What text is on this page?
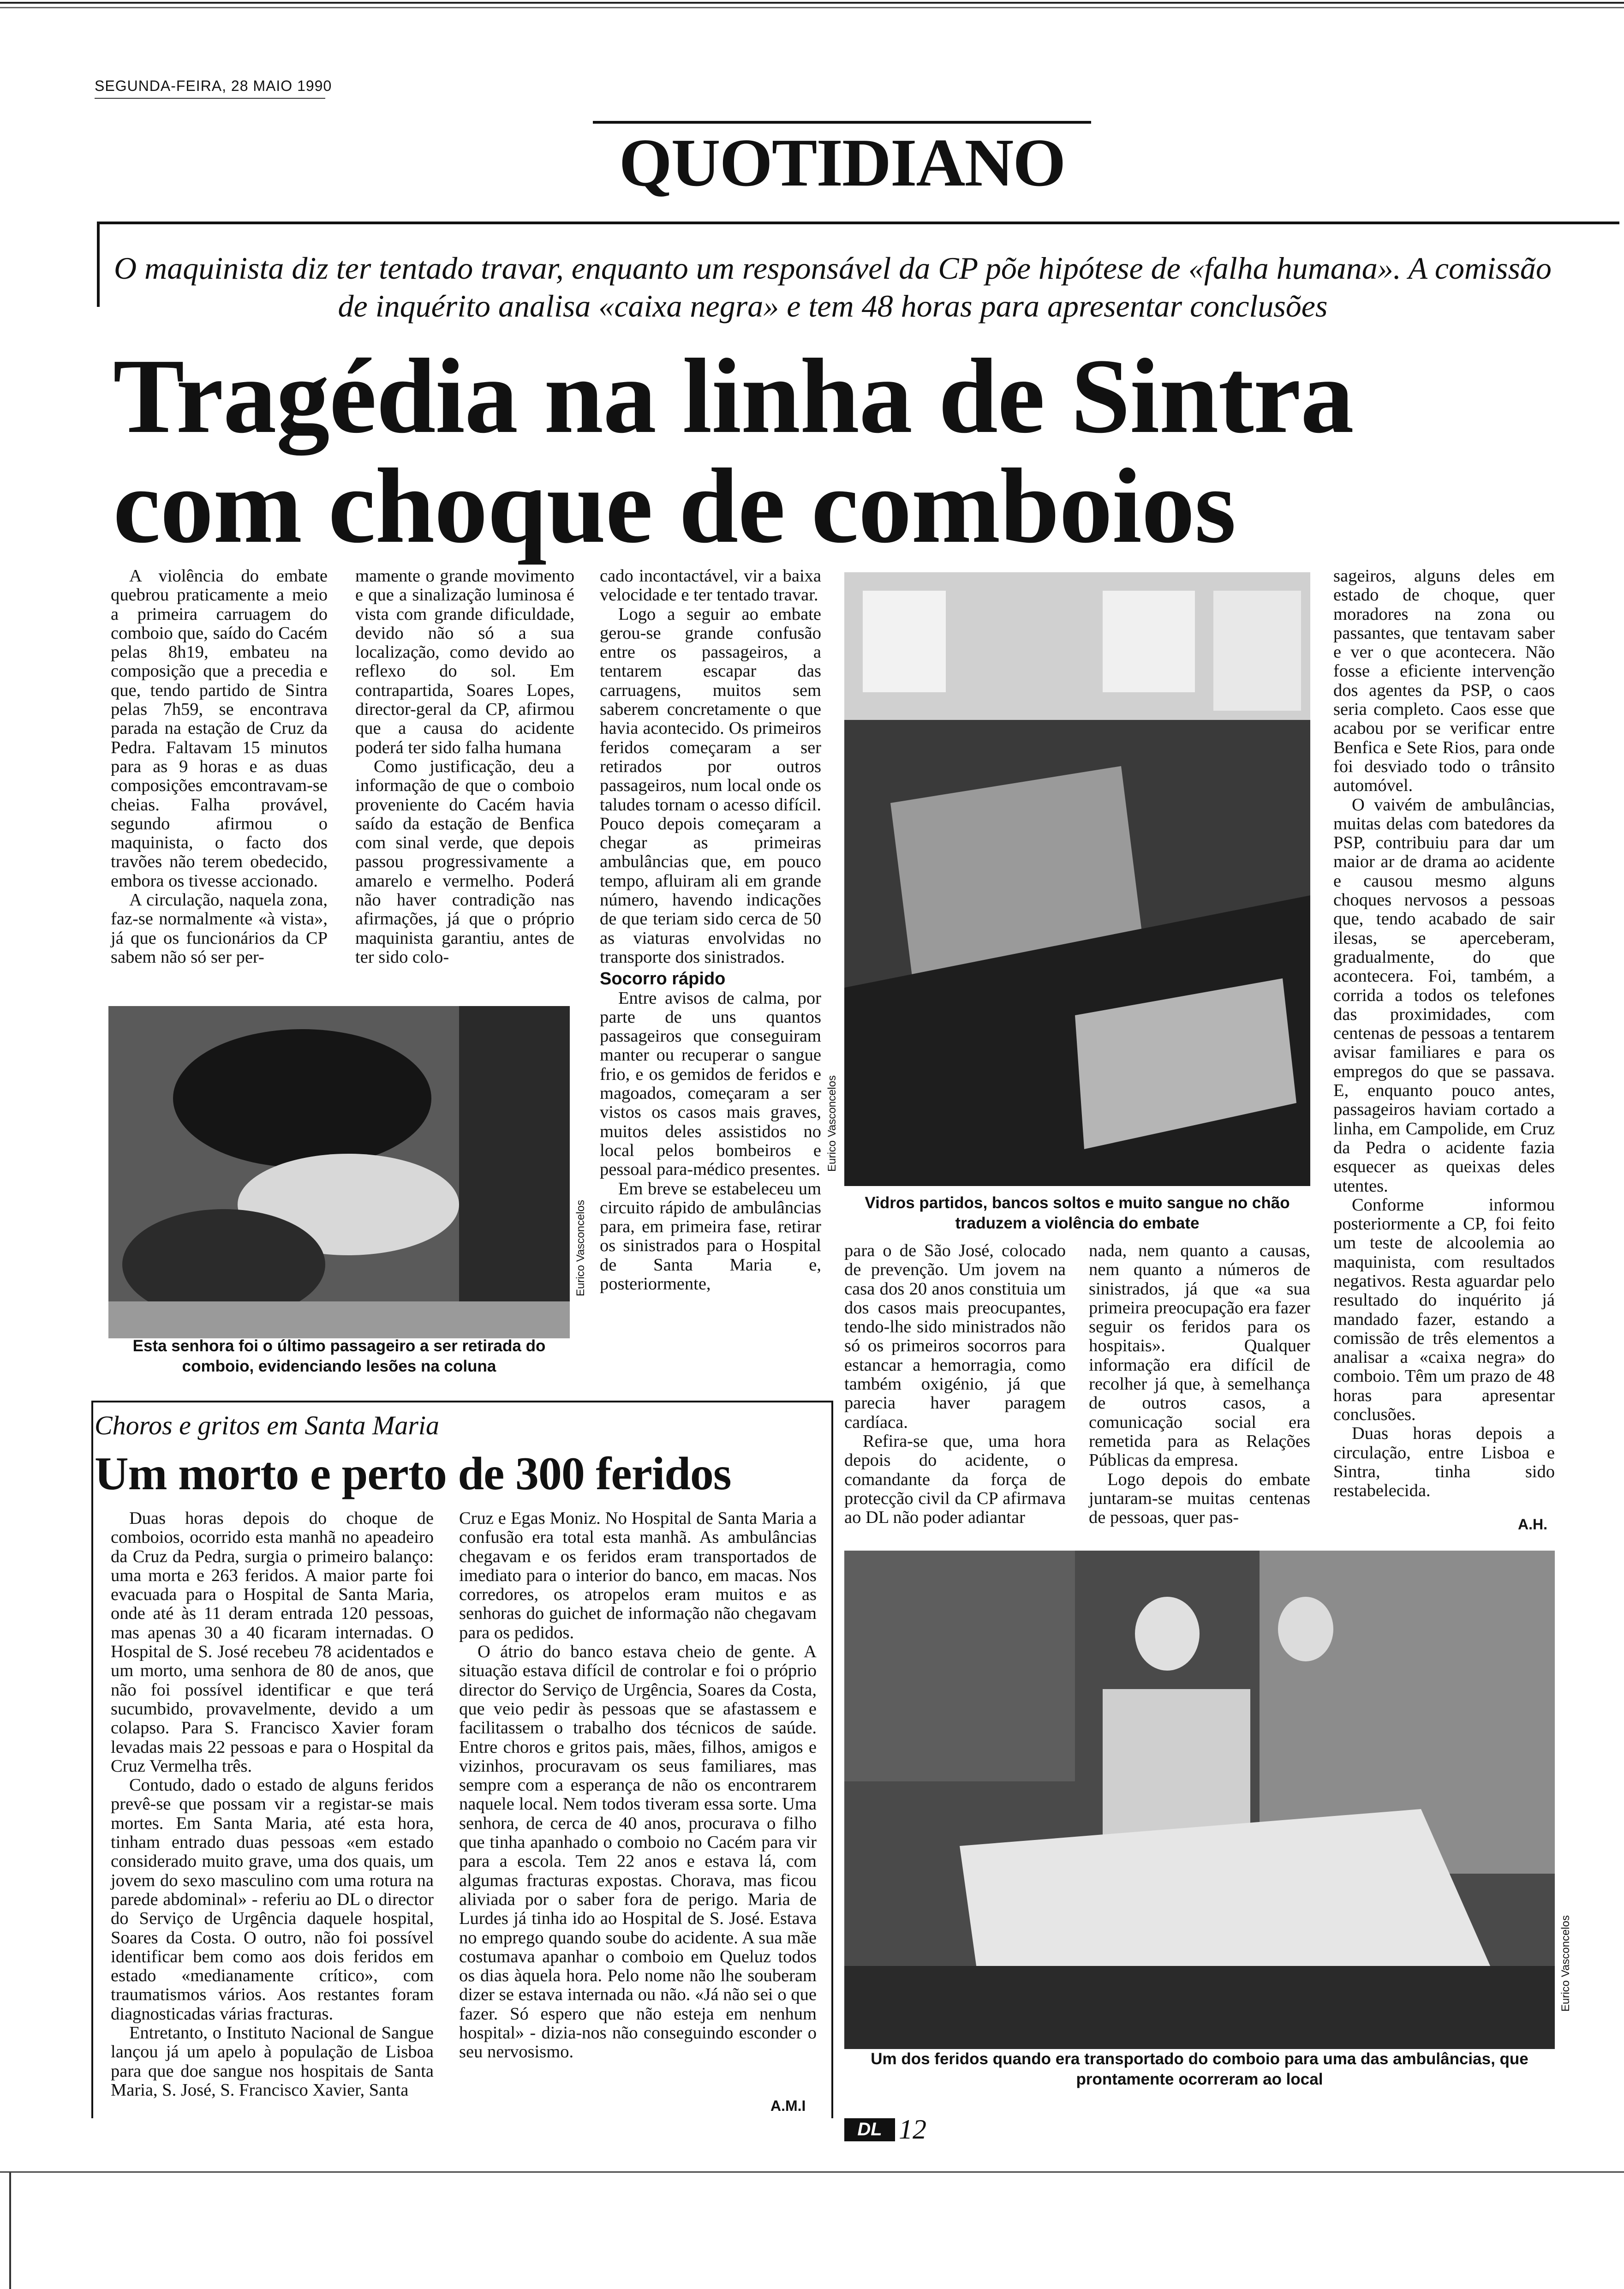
SEGUNDA-FEIRA, 28 MAIO 1990
QUOTIDIANO
O maquinista diz ter tentado travar, enquanto um responsável da CP põe hipótese de «falha humana». A comissão de inquérito analisa «caixa negra» e tem 48 horas para apresentar conclusões
Tragédia na linha de Sintra
com choque de comboios

A violência do embate quebrou praticamente a meio a primeira carruagem do comboio que, saído do Cacém pelas 8h19, embateu na composição que a precedia e que, tendo partido de Sintra pelas 7h59, se encontrava parada na estação de Cruz da Pedra. Faltavam 15 minutos para as 9 horas e as duas composições emcontravam-se cheias. Falha provável, segundo afirmou o maquinista, o facto dos travões não terem obedecido, embora os tivesse accionado.

A circulação, naquela zona, faz-se normalmente «à vista», já que os funcionários da CP sabem não só ser per-

mamente o grande movimento e que a sinalização luminosa é vista com grande dificuldade, devido não só a sua localização, como devido ao reflexo do sol. Em contrapartida, Soares Lopes, director-geral da CP, afirmou que a causa do acidente poderá ter sido falha humana

Como justificação, deu a informação de que o comboio proveniente do Cacém havia saído da estação de Benfica com sinal verde, que depois passou progressivamente a amarelo e vermelho. Poderá não haver contradição nas afirmações, já que o próprio maquinista garantiu, antes de ter sido colo-

cado incontactável, vir a baixa velocidade e ter tentado travar.

Logo a seguir ao embate gerou-se grande confusão entre os passageiros, a tentarem escapar das carruagens, muitos sem saberem concretamente o que havia acontecido. Os primeiros feridos começaram a ser retirados por outros passageiros, num local onde os taludes tornam o acesso difícil. Pouco depois começaram a chegar as primeiras ambulâncias que, em pouco tempo, afluiram ali em grande número, havendo indicações de que teriam sido cerca de 50 as viaturas envolvidas no transporte dos sinistrados.

Socorro rápido

Entre avisos de calma, por parte de uns quantos passageiros que conseguiram manter ou recuperar o sangue frio, e os gemidos de feridos e magoados, começaram a ser vistos os casos mais graves, muitos deles assistidos no local pelos bombeiros e pessoal para-médico presentes.

Em breve se estabeleceu um circuito rápido de ambulâncias para, em primeira fase, retirar os sinistrados para o Hospital de Santa Maria e, posteriormente,

Eurico Vasconcelos
Esta senhora foi o último passageiro a ser retirada do comboio, evidenciando lesões na coluna
Eurico Vasconcelos
Vidros partidos, bancos soltos e muito sangue no chão traduzem a violência do embate

para o de São José, colocado de prevenção. Um jovem na casa dos 20 anos constituia um dos casos mais preocupantes, tendo-lhe sido ministrados não só os primeiros socorros para estancar a hemorragia, como também oxigénio, já que parecia haver paragem cardíaca.

Refira-se que, uma hora depois do acidente, o comandante da força de protecção civil da CP afirmava ao DL não poder adiantar

nada, nem quanto a causas, nem quanto a números de sinistrados, já que «a sua primeira preocupação era fazer seguir os feridos para os hospitais». Qualquer informação era difícil de recolher já que, à semelhança de outros casos, a comunicação social era remetida para as Relações Públicas da empresa.

Logo depois do embate juntaram-se muitas centenas de pessoas, quer pas-

sageiros, alguns deles em estado de choque, quer moradores na zona ou passantes, que tentavam saber e ver o que acontecera. Não fosse a eficiente intervenção dos agentes da PSP, o caos seria completo. Caos esse que acabou por se verificar entre Benfica e Sete Rios, para onde foi desviado todo o trânsito automóvel.

O vaivém de ambulâncias, muitas delas com batedores da PSP, contribuiu para dar um maior ar de drama ao acidente e causou mesmo alguns choques nervosos a pessoas que, tendo acabado de sair ilesas, se aperceberam, gradualmente, do que acontecera. Foi, também, a corrida a todos os telefones das proximidades, com centenas de pessoas a tentarem avisar familiares e para os empregos do que se passava. E, enquanto pouco antes, passageiros haviam cortado a linha, em Campolide, em Cruz da Pedra o acidente fazia esquecer as queixas deles utentes.

Conforme informou posteriormente a CP, foi feito um teste de alcoolemia ao maquinista, com resultados negativos. Resta aguardar pelo resultado do inquérito já mandado fazer, estando a comissão de três elementos a analisar a «caixa negra» do comboio. Têm um prazo de 48 horas para apresentar conclusões.

Duas horas depois a circulação, entre Lisboa e Sintra, tinha sido restabelecida.

A.H.
Eurico Vasconcelos
Um dos feridos quando era transportado do comboio para uma das ambulâncias, que prontamente ocorreram ao local
Choros e gritos em Santa Maria
Um morto e perto de 300 feridos

Duas horas depois do choque de comboios, ocorrido esta manhã no apeadeiro da Cruz da Pedra, surgia o primeiro balanço: uma morta e 263 feridos. A maior parte foi evacuada para o Hospital de Santa Maria, onde até às 11 deram entrada 120 pessoas, mas apenas 30 a 40 ficaram internadas. O Hospital de S. José recebeu 78 acidentados e um morto, uma senhora de 80 de anos, que não foi possível identificar e que terá sucumbido, provavelmente, devido a um colapso. Para S. Francisco Xavier foram levadas mais 22 pessoas e para o Hospital da Cruz Vermelha três.

Contudo, dado o estado de alguns feridos prevê-se que possam vir a registar-se mais mortes. Em Santa Maria, até esta hora, tinham entrado duas pessoas «em estado considerado muito grave, uma dos quais, um jovem do sexo masculino com uma rotura na parede abdominal» - referiu ao DL o director do Serviço de Urgência daquele hospital, Soares da Costa. O outro, não foi possível identificar bem como aos dois feridos em estado «medianamente crítico», com traumatismos vários. Aos restantes foram diagnosticadas várias fracturas.

Entretanto, o Instituto Nacional de Sangue lançou já um apelo à população de Lisboa para que doe sangue nos hospitais de Santa Maria, S. José, S. Francisco Xavier, Santa

Cruz e Egas Moniz. No Hospital de Santa Maria a confusão era total esta manhã. As ambulâncias chegavam e os feridos eram transportados de imediato para o interior do banco, em macas. Nos corredores, os atropelos eram muitos e as senhoras do guichet de informação não chegavam para os pedidos.

O átrio do banco estava cheio de gente. A situação estava difícil de controlar e foi o próprio director do Serviço de Urgência, Soares da Costa, que veio pedir às pessoas que se afastassem e facilitassem o trabalho dos técnicos de saúde. Entre choros e gritos pais, mães, filhos, amigos e vizinhos, procuravam os seus familiares, mas sempre com a esperança de não os encontrarem naquele local. Nem todos tiveram essa sorte. Uma senhora, de cerca de 40 anos, procurava o filho que tinha apanhado o comboio no Cacém para vir para a escola. Tem 22 anos e estava lá, com algumas fracturas expostas. Chorava, mas ficou aliviada por o saber fora de perigo. Maria de Lurdes já tinha ido ao Hospital de S. José. Estava no emprego quando soube do acidente. A sua mãe costumava apanhar o comboio em Queluz todos os dias àquela hora. Pelo nome não lhe souberam dizer se estava internada ou não. «Já não sei o que fazer. Só espero que não esteja em nenhum hospital» - dizia-nos não conseguindo esconder o seu nervosismo.

A.M.I
DL 12
